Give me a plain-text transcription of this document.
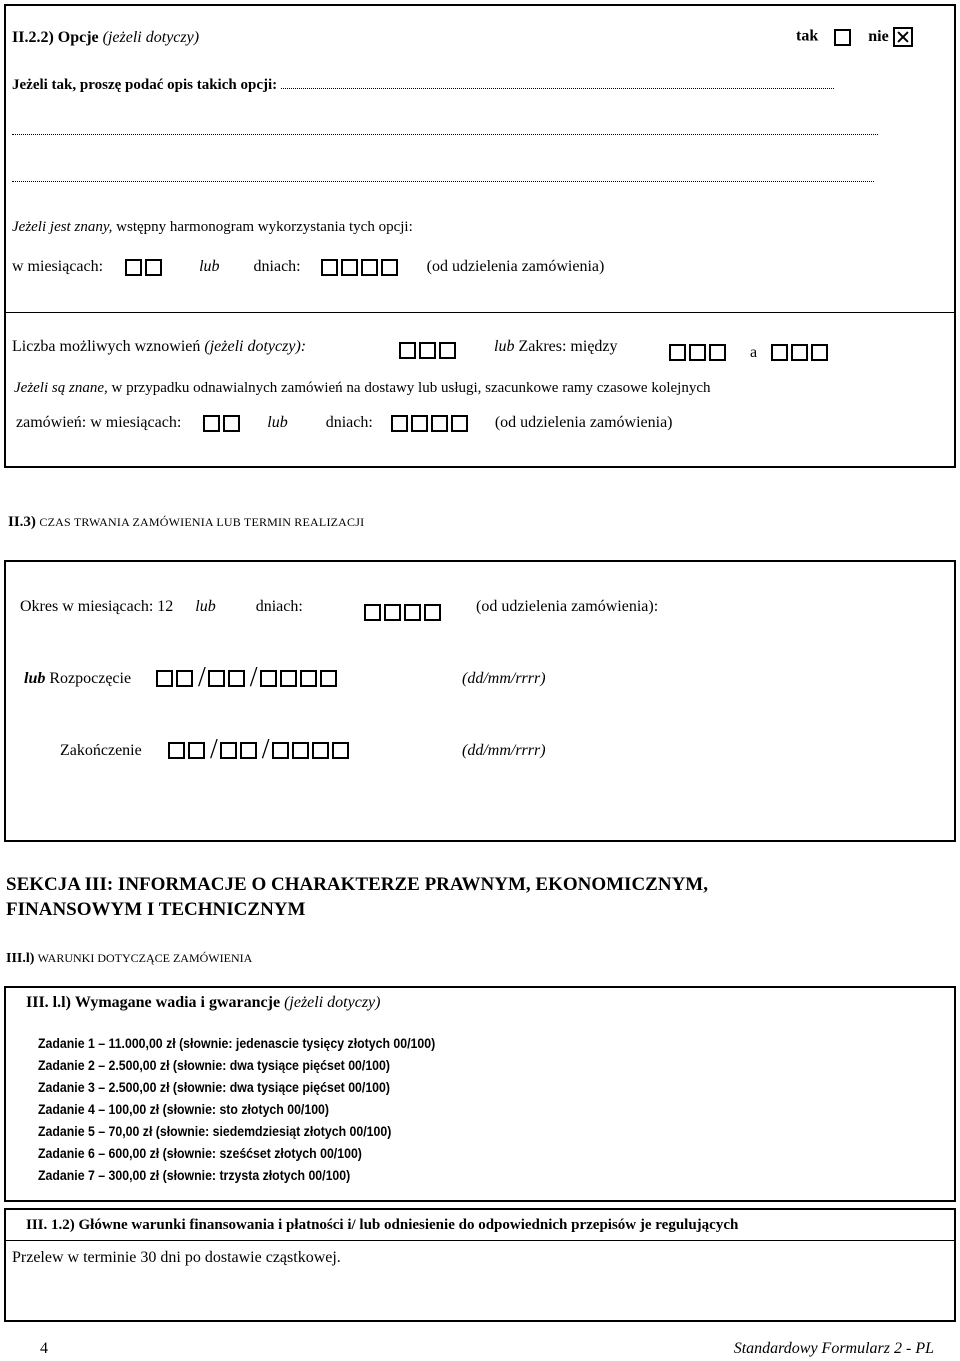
II.2.2) Opcje (jeżeli dotyczy)	tak	nie
Jeżeli tak, proszę podać opis takich opcji:
Jeżeli jest znany, wstępny harmonogram wykorzystania tych opcji:
w miesiącach:	lub dniach:	(od udzielenia zamówienia)
Liczba możliwych wznowień (jeżeli dotyczy):	lub Zakres: między	a
Jeżeli są znane, w przypadku odnawialnych zamówień na dostawy lub usługi, szacunkowe ramy czasowe kolejnych
zamówień: w miesiącach:	lub dniach:	(od udzielenia zamówienia)
II.3) CZAS TRWANIA ZAMÓWIENIA LUB TERMIN REALIZACJI
Okres w miesiącach: 12 lub	dniach:	(od udzielenia zamówienia):
lub Rozpoczęcie	/ /	(dd/mm/rrrr)
Zakończenie	/ /	(dd/mm/rrrr)
SEKCJA III: INFORMACJE O CHARAKTERZE PRAWNYM, EKONOMICZNYM,
FINANSOWYM I TECHNICZNYM
III.l) WARUNKI DOTYCZĄCE ZAMÓWIENIA
III. l.l) Wymagane wadia i gwarancje (jeżeli dotyczy)
Zadanie 1 – 11.000,00 zł (słownie: jedenascie tysięcy złotych 00/100)
Zadanie 2 – 2.500,00 zł (słownie: dwa tysiące pięćset 00/100)
Zadanie 3 – 2.500,00 zł (słownie: dwa tysiące pięćset 00/100)
Zadanie 4 – 100,00 zł (słownie: sto złotych 00/100)
Zadanie 5 – 70,00 zł (słownie: siedemdziesiąt złotych 00/100)
Zadanie 6 – 600,00 zł (słownie: sześćset złotych 00/100)
Zadanie 7 – 300,00 zł (słownie: trzysta złotych 00/100)
III. 1.2) Główne warunki finansowania i płatności i/ lub odniesienie do odpowiednich przepisów je regulujących
Przelew w terminie 30 dni po dostawie cząstkowej.
4	Standardowy Formularz 2 - PL
